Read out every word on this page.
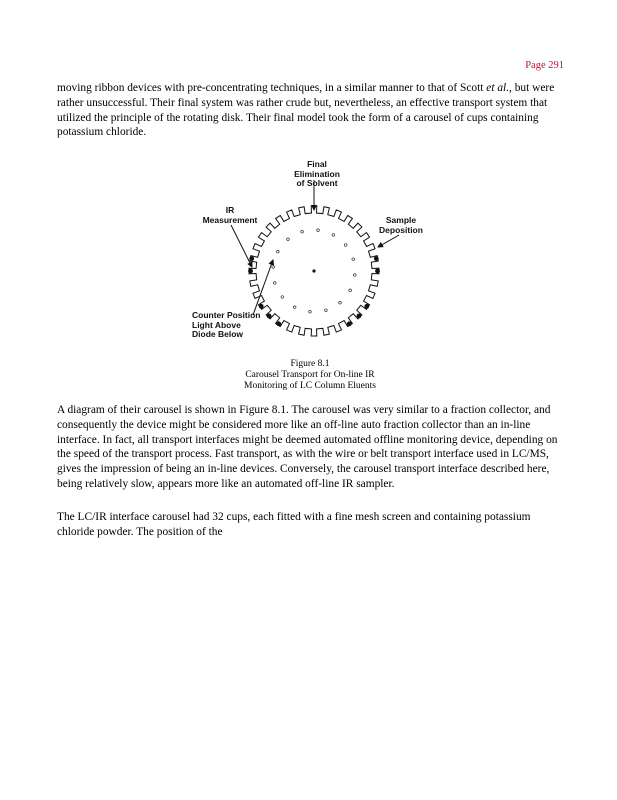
Page 291

moving ribbon devices with pre-concentrating techniques, in a similar manner to that of Scott et al., but were rather unsuccessful. Their final system was rather crude but, nevertheless, an effective transport system that utilized the principle of the rotating disk. Their final model took the form of a carousel of cups containing potassium chloride.

Final
Elimination
of Solvent
IR
Measurement	Sample
Deposition
Counter Position
Light Above
Diode Below
Figure 8.1
Carousel Transport for On-line IR
Monitoring of LC Column Eluents

A diagram of their carousel is shown in Figure 8.1. The carousel was very similar to a fraction collector, and consequently the device might be considered more like an off-line auto fraction collector than an in-line interface. In fact, all transport interfaces might be deemed automated offline monitoring device, depending on the speed of the transport process. Fast transport, as with the wire or belt transport interface used in LC/MS, gives the impression of being an in-line devices. Conversely, the carousel transport interface described here, being relatively slow, appears more like an automated off-line IR sampler.

The LC/IR interface carousel had 32 cups, each fitted with a fine mesh screen and containing potassium chloride powder. The position of the
